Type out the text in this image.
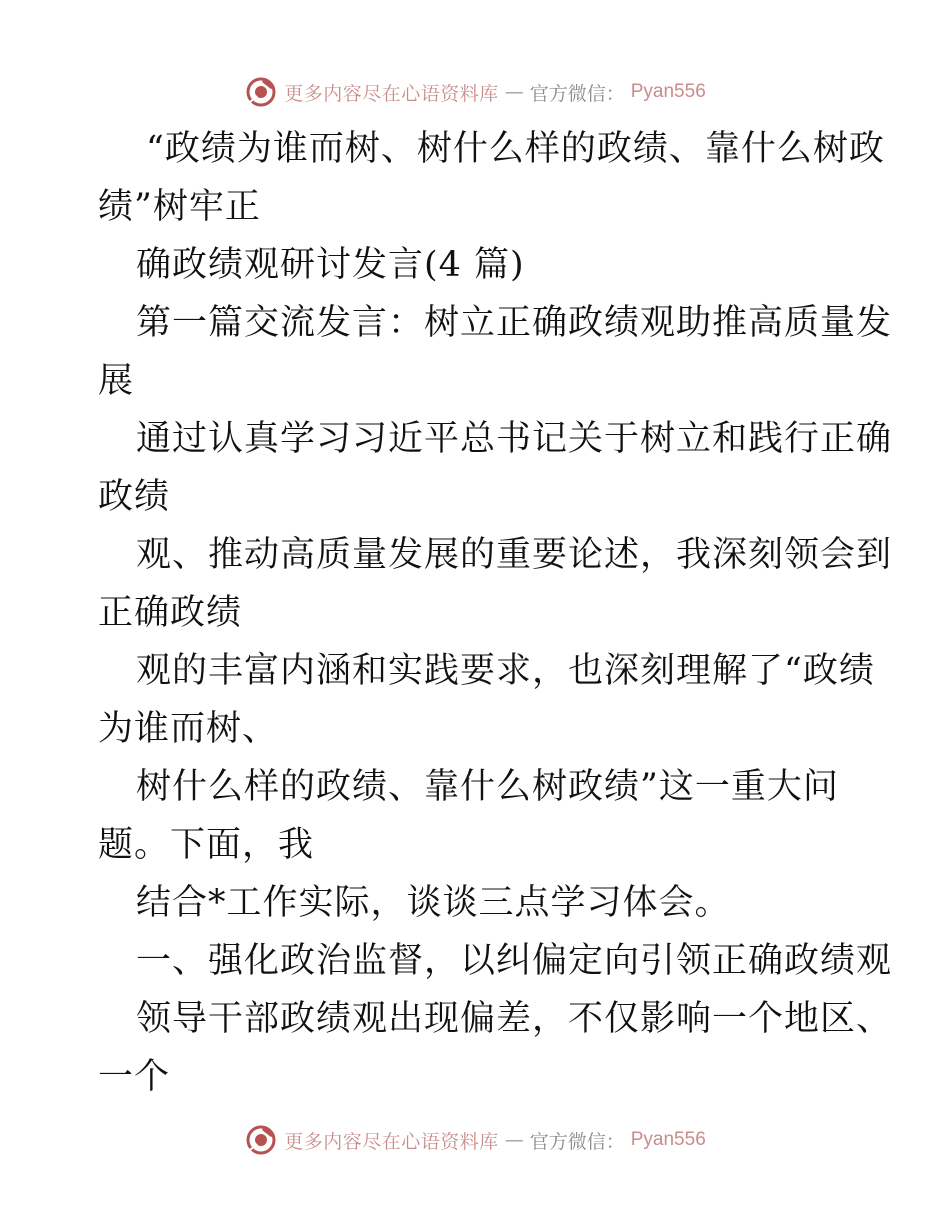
更多内容尽在心语资料库 — 官方微信： Pyan556
“政绩为谁而树、树什么样的政绩、靠什么树政
绩”树牢正
确政绩观研讨发言(4 篇)
第一篇交流发言：树立正确政绩观助推高质量发
展
通过认真学习习近平总书记关于树立和践行正确
政绩
观、推动高质量发展的重要论述，我深刻领会到
正确政绩
观的丰富内涵和实践要求，也深刻理解了“政绩
为谁而树、
树什么样的政绩、靠什么树政绩”这一重大问
题。下面，我
结合*工作实际，谈谈三点学习体会。
一、强化政治监督，以纠偏定向引领正确政绩观
领导干部政绩观出现偏差，不仅影响一个地区、
一个
更多内容尽在心语资料库 — 官方微信： Pyan556
